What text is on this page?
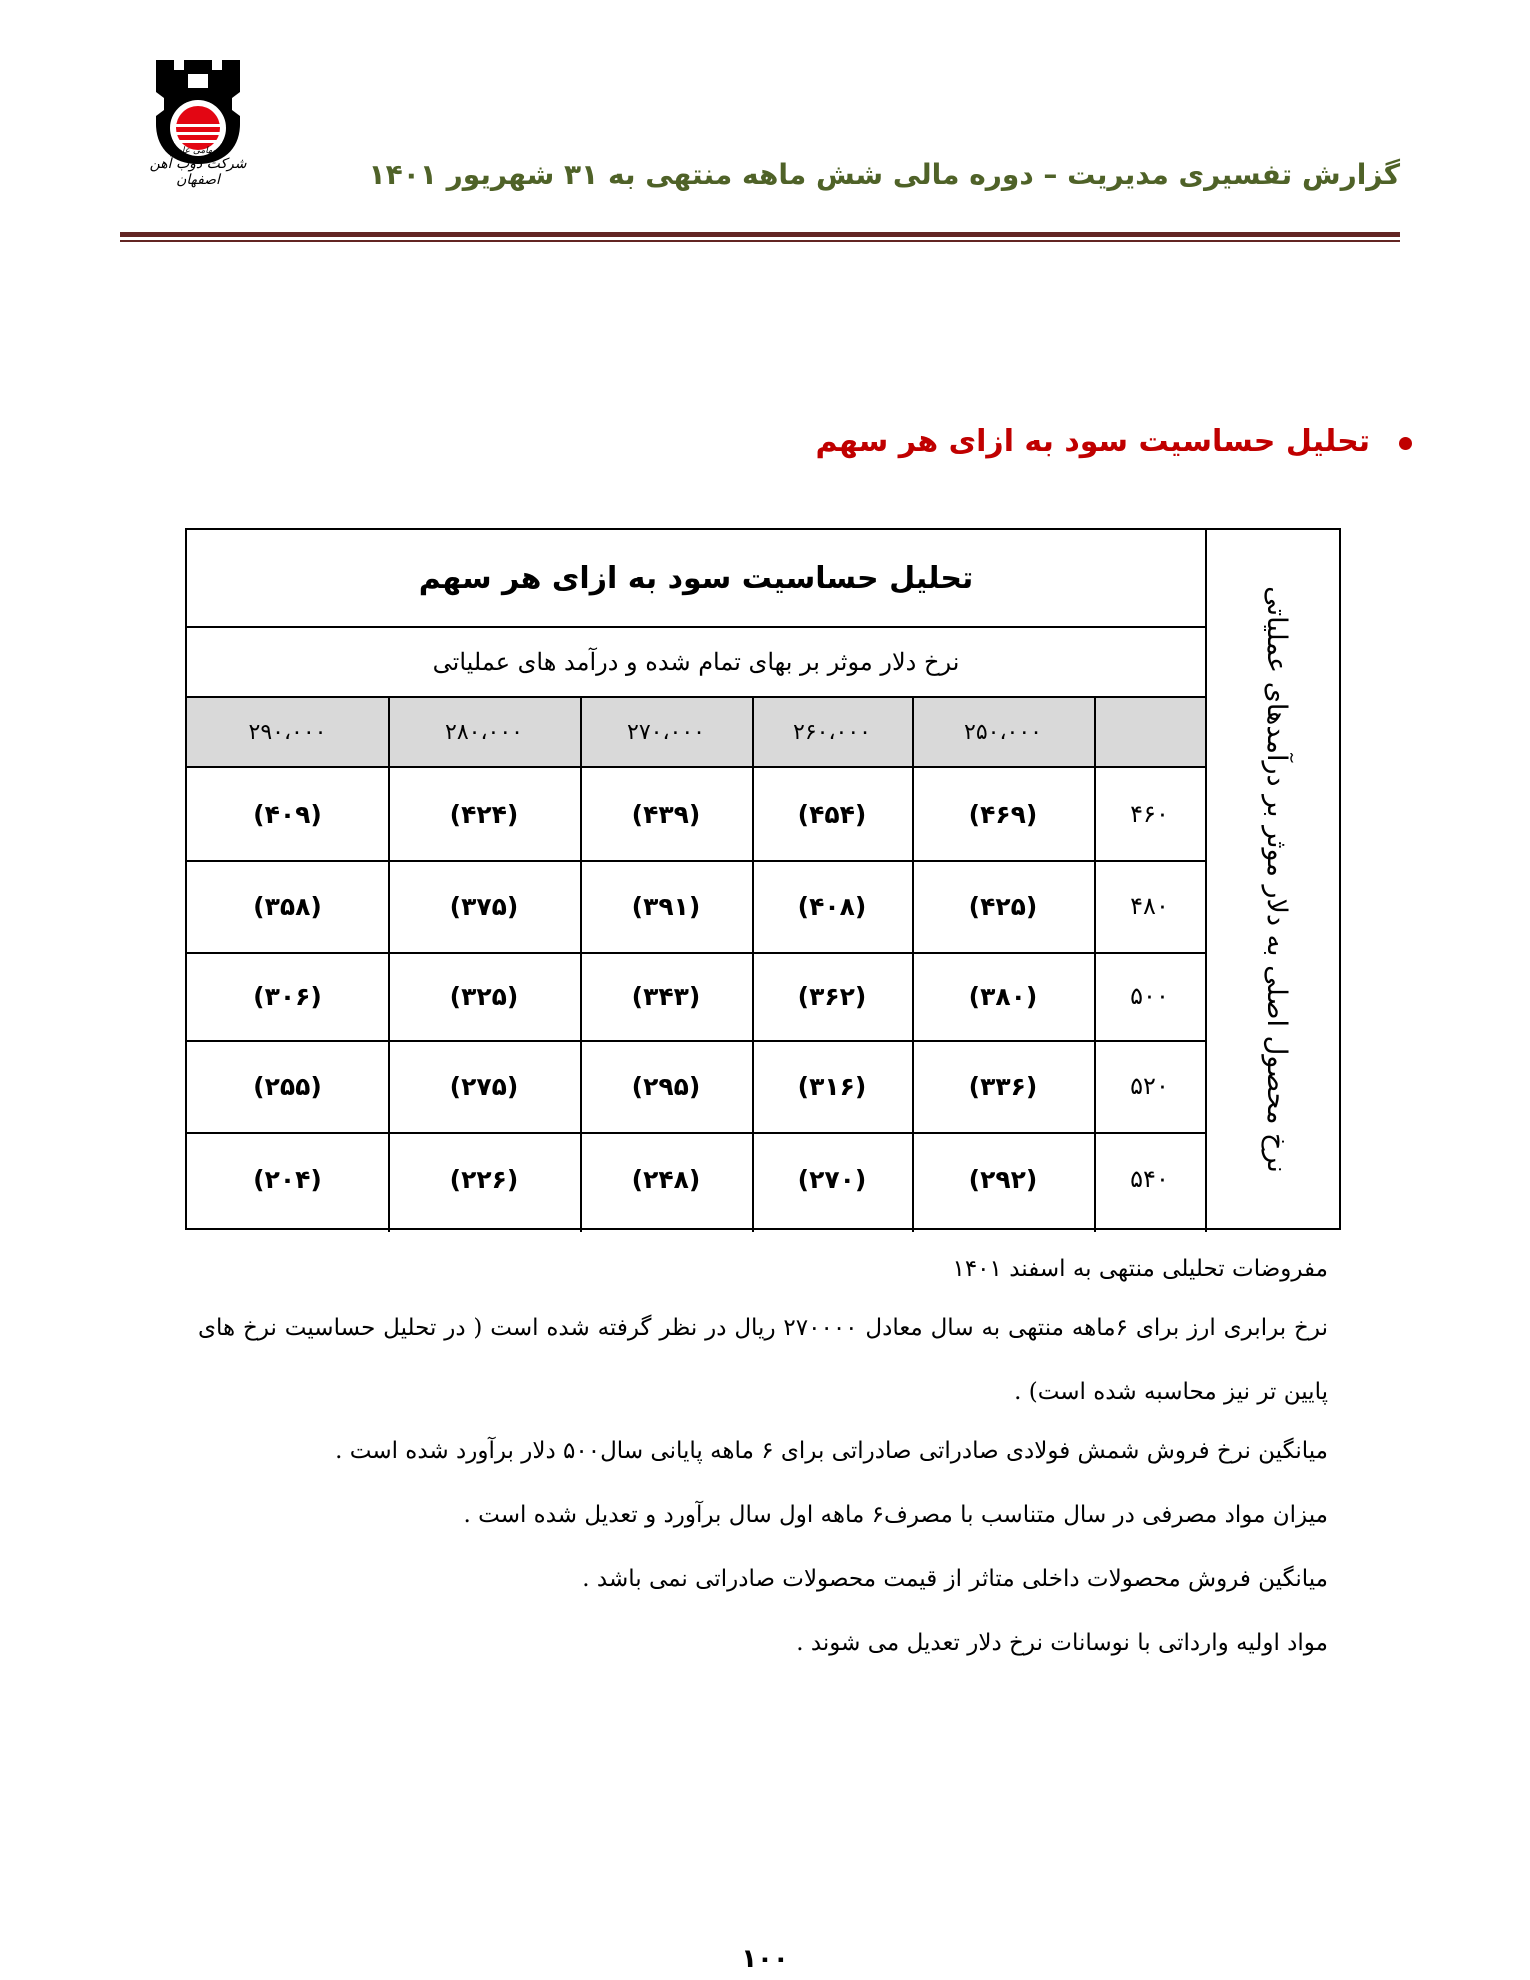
(سهامی عام)
شرکت ذوب آهن اصفهان	گزارش تفسیری مدیریت – دوره مالی شش ماهه منتهی به ۳۱ شهریور ۱۴۰۱
تحلیل حساسیت سود به ازای هر سهم
تحلیل حساسیت سود به ازای هر سهم
نرخ دلار موثر بر بهای تمام شده و درآمد های عملیاتی
۲۵۰،۰۰۰
۲۶۰،۰۰۰
۲۷۰،۰۰۰
۲۸۰،۰۰۰
۲۹۰،۰۰۰
۴۶۰
(۴۶۹)
(۴۵۴)
(۴۳۹)
(۴۲۴)
(۴۰۹)
۴۸۰
(۴۲۵)
(۴۰۸)
(۳۹۱)
(۳۷۵)
(۳۵۸)
۵۰۰
(۳۸۰)
(۳۶۲)
(۳۴۳)
(۳۲۵)
(۳۰۶)
۵۲۰
(۳۳۶)
(۳۱۶)
(۲۹۵)
(۲۷۵)
(۲۵۵)
۵۴۰
(۲۹۲)
(۲۷۰)
(۲۴۸)
(۲۲۶)
(۲۰۴)
نرخ محصول اصلی به دلار موثر بر درآمدهای عملیاتی
مفروضات تحلیلی منتهی به اسفند ۱۴۰۱
نرخ برابری ارز برای ۶ماهه منتهی به سال معادل ۲۷۰۰۰۰ ریال در نظر گرفته شده است ( در تحلیل حساسیت نرخ های پایین تر نیز محاسبه شده است) .
میانگین نرخ فروش شمش فولادی صادراتی صادراتی برای ۶ ماهه پایانی سال۵۰۰ دلار برآورد شده است .
میزان مواد مصرفی در سال متناسب با مصرف۶ ماهه اول سال برآورد و تعدیل شده است .
میانگین فروش محصولات داخلی متاثر از قیمت محصولات صادراتی نمی باشد .
مواد اولیه وارداتی با نوسانات نرخ دلار تعدیل می شوند .
۱۰۰
